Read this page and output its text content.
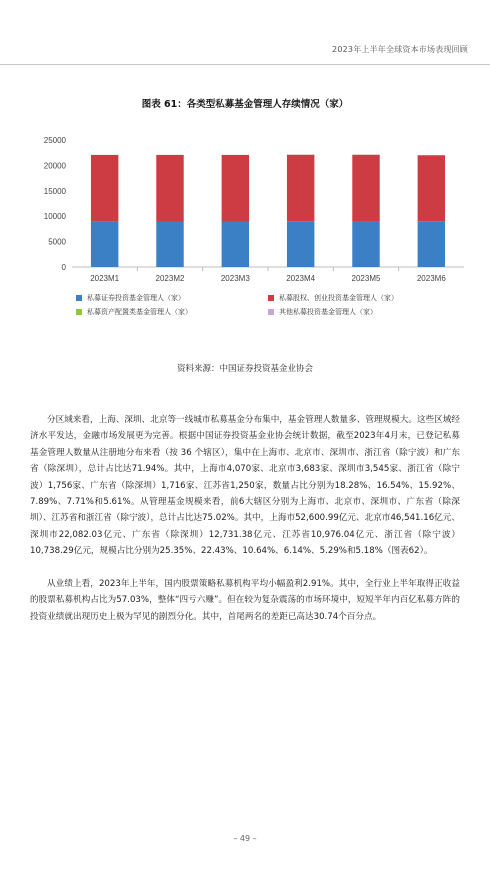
2023年上半年全球资本市场表现回顾
图表 61：各类型私募基金管理人存续情况（家）
0
5000
10000
15000
20000
25000
2023M1	2023M2	2023M3	2023M4	2023M5	2023M6
私募证券投资基金管理人（家）	私募股权、创业投资基金管理人（家）
私募资产配置类基金管理人（家）	其他私募投资基金管理人（家）
资料来源：中国证券投资基金业协会

分区域来看，上海、深圳、北京等一线城市私募基金分布集中，基金管理人数量多、管理规模大。这些区域经济水平发达，金融市场发展更为完善。根据中国证券投资基金业协会统计数据，截至2023年4月末，已登记私募基金管理人数量从注册地分布来看（按 36 个辖区），集中在上海市、北京市、深圳市、浙江省（除宁波）和广东省（除深圳），总计占比达71.94%。其中，上海市4,070家、北京市3,683家、深圳市3,545家、浙江省（除宁波）1,756家、广东省（除深圳）1,716家、江苏省1,250家，数量占比分别为18.28%、16.54%、15.92%、7.89%、7.71%和5.61%。从管理基金规模来看，前6大辖区分别为上海市、北京市、深圳市、广东省（除深圳）、江苏省和浙江省（除宁波），总计占比达75.02%。其中，上海市52,600.99亿元、北京市46,541.16亿元、深圳市22,082.03亿元、广东省（除深圳）12,731.38亿元、江苏省10,976.04亿元、浙江省（除宁波）10,738.29亿元，规模占比分别为25.35%、22.43%、10.64%、6.14%、5.29%和5.18%（图表62）。

从业绩上看，2023年上半年，国内股票策略私募机构平均小幅盈利2.91%。其中，全行业上半年取得正收益的股票私募机构占比为57.03%，整体“四亏六赚”。但在较为复杂震荡的市场环境中，短短半年内百亿私募方阵的投资业绩就出现历史上极为罕见的剧烈分化。其中，首尾两名的差距已高达30.74个百分点。

– 49 –
